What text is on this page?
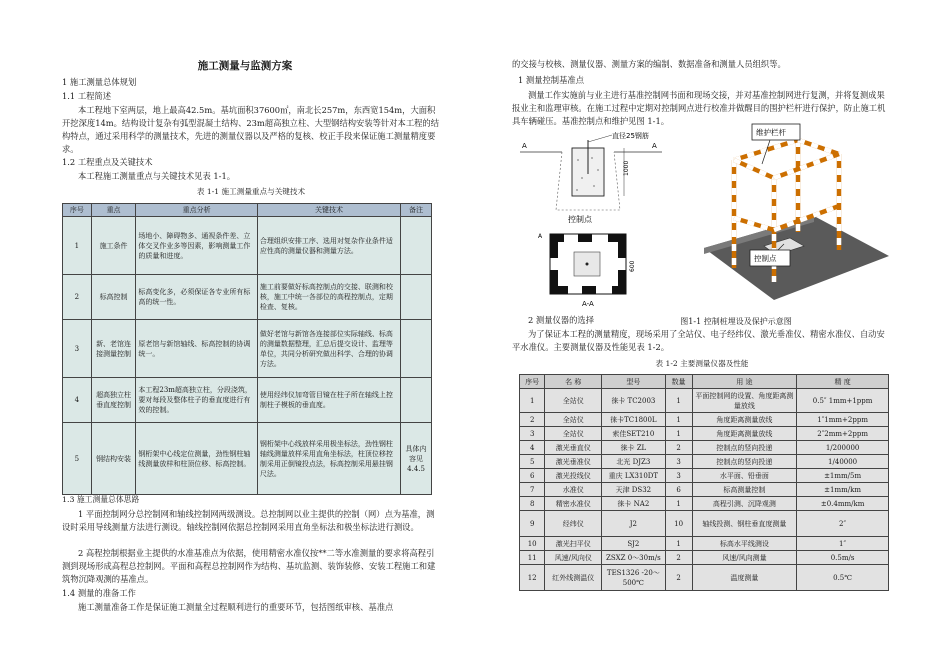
施工测量与监测方案
1 施工测量总体规划
1.1 工程简述

本工程地下室两层，地上最高42.5m。基坑面积37600㎡，南北长257m，东西宽154m，大面积开挖深度14m。结构设计复杂有弧型混凝土结构、23m超高独立柱、大型钢结构安装等针对本工程的结构特点，通过采用科学的测量技术，先进的测量仪器以及严格的复核、校正手段来保证施工测量精度要求。

1.2 工程重点及关键技术

本工程施工测量重点与关键技术见表 1-1。

表 1-1 施工测量重点与关键技术
序号	重点	重点分析	关键技术	备注
1	施工条件	场地小、障碍物多、通视条件差、立体交叉作业多等因素，影响测量工作的质量和进度。	合理组织安排工序、选用对复杂作业条件适应性高的测量仪器和测量方法。	
2	标高控制	标高变化多，必须保证各专业所有标高的统一性。	施工前要做好标高控制点的交接、联测和校核，施工中统一各部位的高程控制点，定期检查、复核。	
3	新、老馆连接测量控制	原老馆与新馆轴线、标高控制的协调统一。	做好老馆与新馆各连接部位实际轴线、标高的测量数据整理，汇总后提交设计、监理等单位，共同分析研究做出科学、合理的协调方法。	
4	超高独立柱垂直度控制	本工程23m超高独立柱，分段浇筑，要对每段及整体柱子的垂直度进行有效的控制。	使用经纬仪加弯管目镜在柱子所在轴线上控制柱子模板的垂直度。	
5	钢结构安装	钢桁架中心线定位测量，劲性钢柱轴线测量放样和柱顶位移、标高控制。	钢桁架中心线放样采用极坐标法，劲性钢柱轴线测量放样采用直角坐标法，柱顶位移控制采用正倒镜投点法，标高控制采用悬挂钢尺法。	具体内容见4.4.5
1.3 施工测量总体思路

1 平面控制网分总控制网和轴线控制网两级测设。总控制网以业主提供的控制（网）点为基准，测设时采用导线测量方法进行测设。轴线控制网依据总控制网采用直角坐标法和极坐标法进行测设。

2 高程控制根据业主提供的水准基准点为依据，使用精密水准仪按**二等水准测量的要求将高程引测到现场形成高程总控制网。平面和高程总控制网作为结构、基坑监测、装饰装修、安装工程施工和建筑物沉降观测的基准点。

1.4 测量的准备工作

施工测量准备工作是保证施工测量全过程顺利进行的重要环节，包括图纸审核、基准点

的交接与校核、测量仪器、测量方案的编制、数据准备和测量人员组织等。

1 测量控制基准点

测量工作实施前与业主进行基准控制网书面和现场交接，并对基准控制网进行复测，并将复测成果报业主和监理审核。在施工过程中定期对控制网点进行校准并做醒目的围护栏杆进行保护，防止施工机具车辆碰压。基准控制点和维护见图 1-1。

直径25钢筋
1000
A	A
控制点
A
600
A-A
维护栏杆
控制点
2 测量仪器的选择	图1-1 控制桩埋设及保护示意图

为了保证本工程的测量精度，现场采用了全站仪、电子经纬仪、激光垂准仪、精密水准仪、自动安平水准仪。主要测量仪器及性能见表 1-2。

表 1-2 主要测量仪器及性能
序号	名 称	型号	数量	用 途	精 度
1	全站仪	徕卡 TC2003	1	平面控制网的设置、角度距离测量放线	0.5″ 1mm+1ppm
2	全站仪	徕卡TC1800L	1	角度距离测量放线	1″1mm+2ppm
3	全站仪	索佳SET210	1	角度距离测量放线	2″2mm+2ppm
4	激光垂直仪	徕卡 ZL	2	控制点的竖向投递	1/200000
5	激光垂准仪	北光 DJZ3	3	控制点的竖向投递	1/40000
6	激光投线仪	重庆 LX310DT	3	水平面、铅垂面	±1mm/5m
7	水准仪	天津 DS32	6	标高测量控制	±1mm/km
8	精密水准仪	徕卡 NA2	1	高程引测、沉降观测	±0.4mm/km
9	经纬仪	J2	10	轴线投测、钢柱垂直度测量	2″
10	激光扫平仪	SJ2	1	标高水平线测设	1″
11	风速/风向仪	ZSXZ 0～30m/s	2	风速/风向测量	0.5m/s
12	红外线测温仪	TES1326 -20～500℃	2	温度测量	0.5℃
